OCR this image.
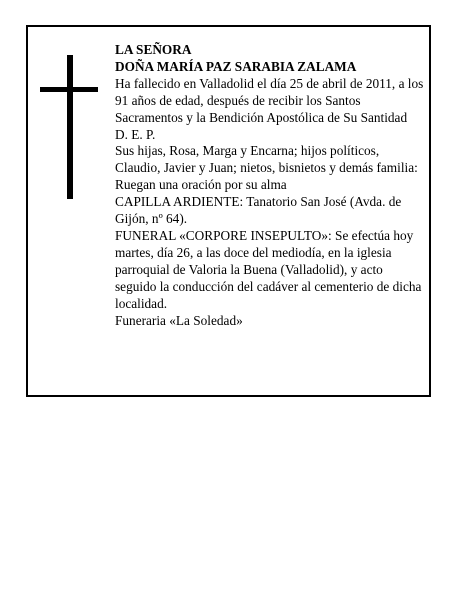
LA SEÑORA

DOÑA MARÍA PAZ SARABIA ZALAMA

Ha fallecido en Valladolid el día 25 de abril de 2011, a los 91 años de edad, después de recibir los Santos Sacramentos y la Bendición Apostólica de Su Santidad

D. E. P.

Sus hijas, Rosa, Marga y Encarna; hijos políticos, Claudio, Javier y Juan; nietos, bisnietos y demás familia:

Ruegan una oración por su alma

CAPILLA ARDIENTE: Tanatorio San José (Avda. de Gijón, nº 64).

FUNERAL «CORPORE INSEPULTO»: Se efectúa hoy martes, día 26, a las doce del mediodía, en la iglesia parroquial de Valoria la Buena (Valladolid), y acto seguido la conducción del cadáver al cementerio de dicha localidad.

Funeraria «La Soledad»
